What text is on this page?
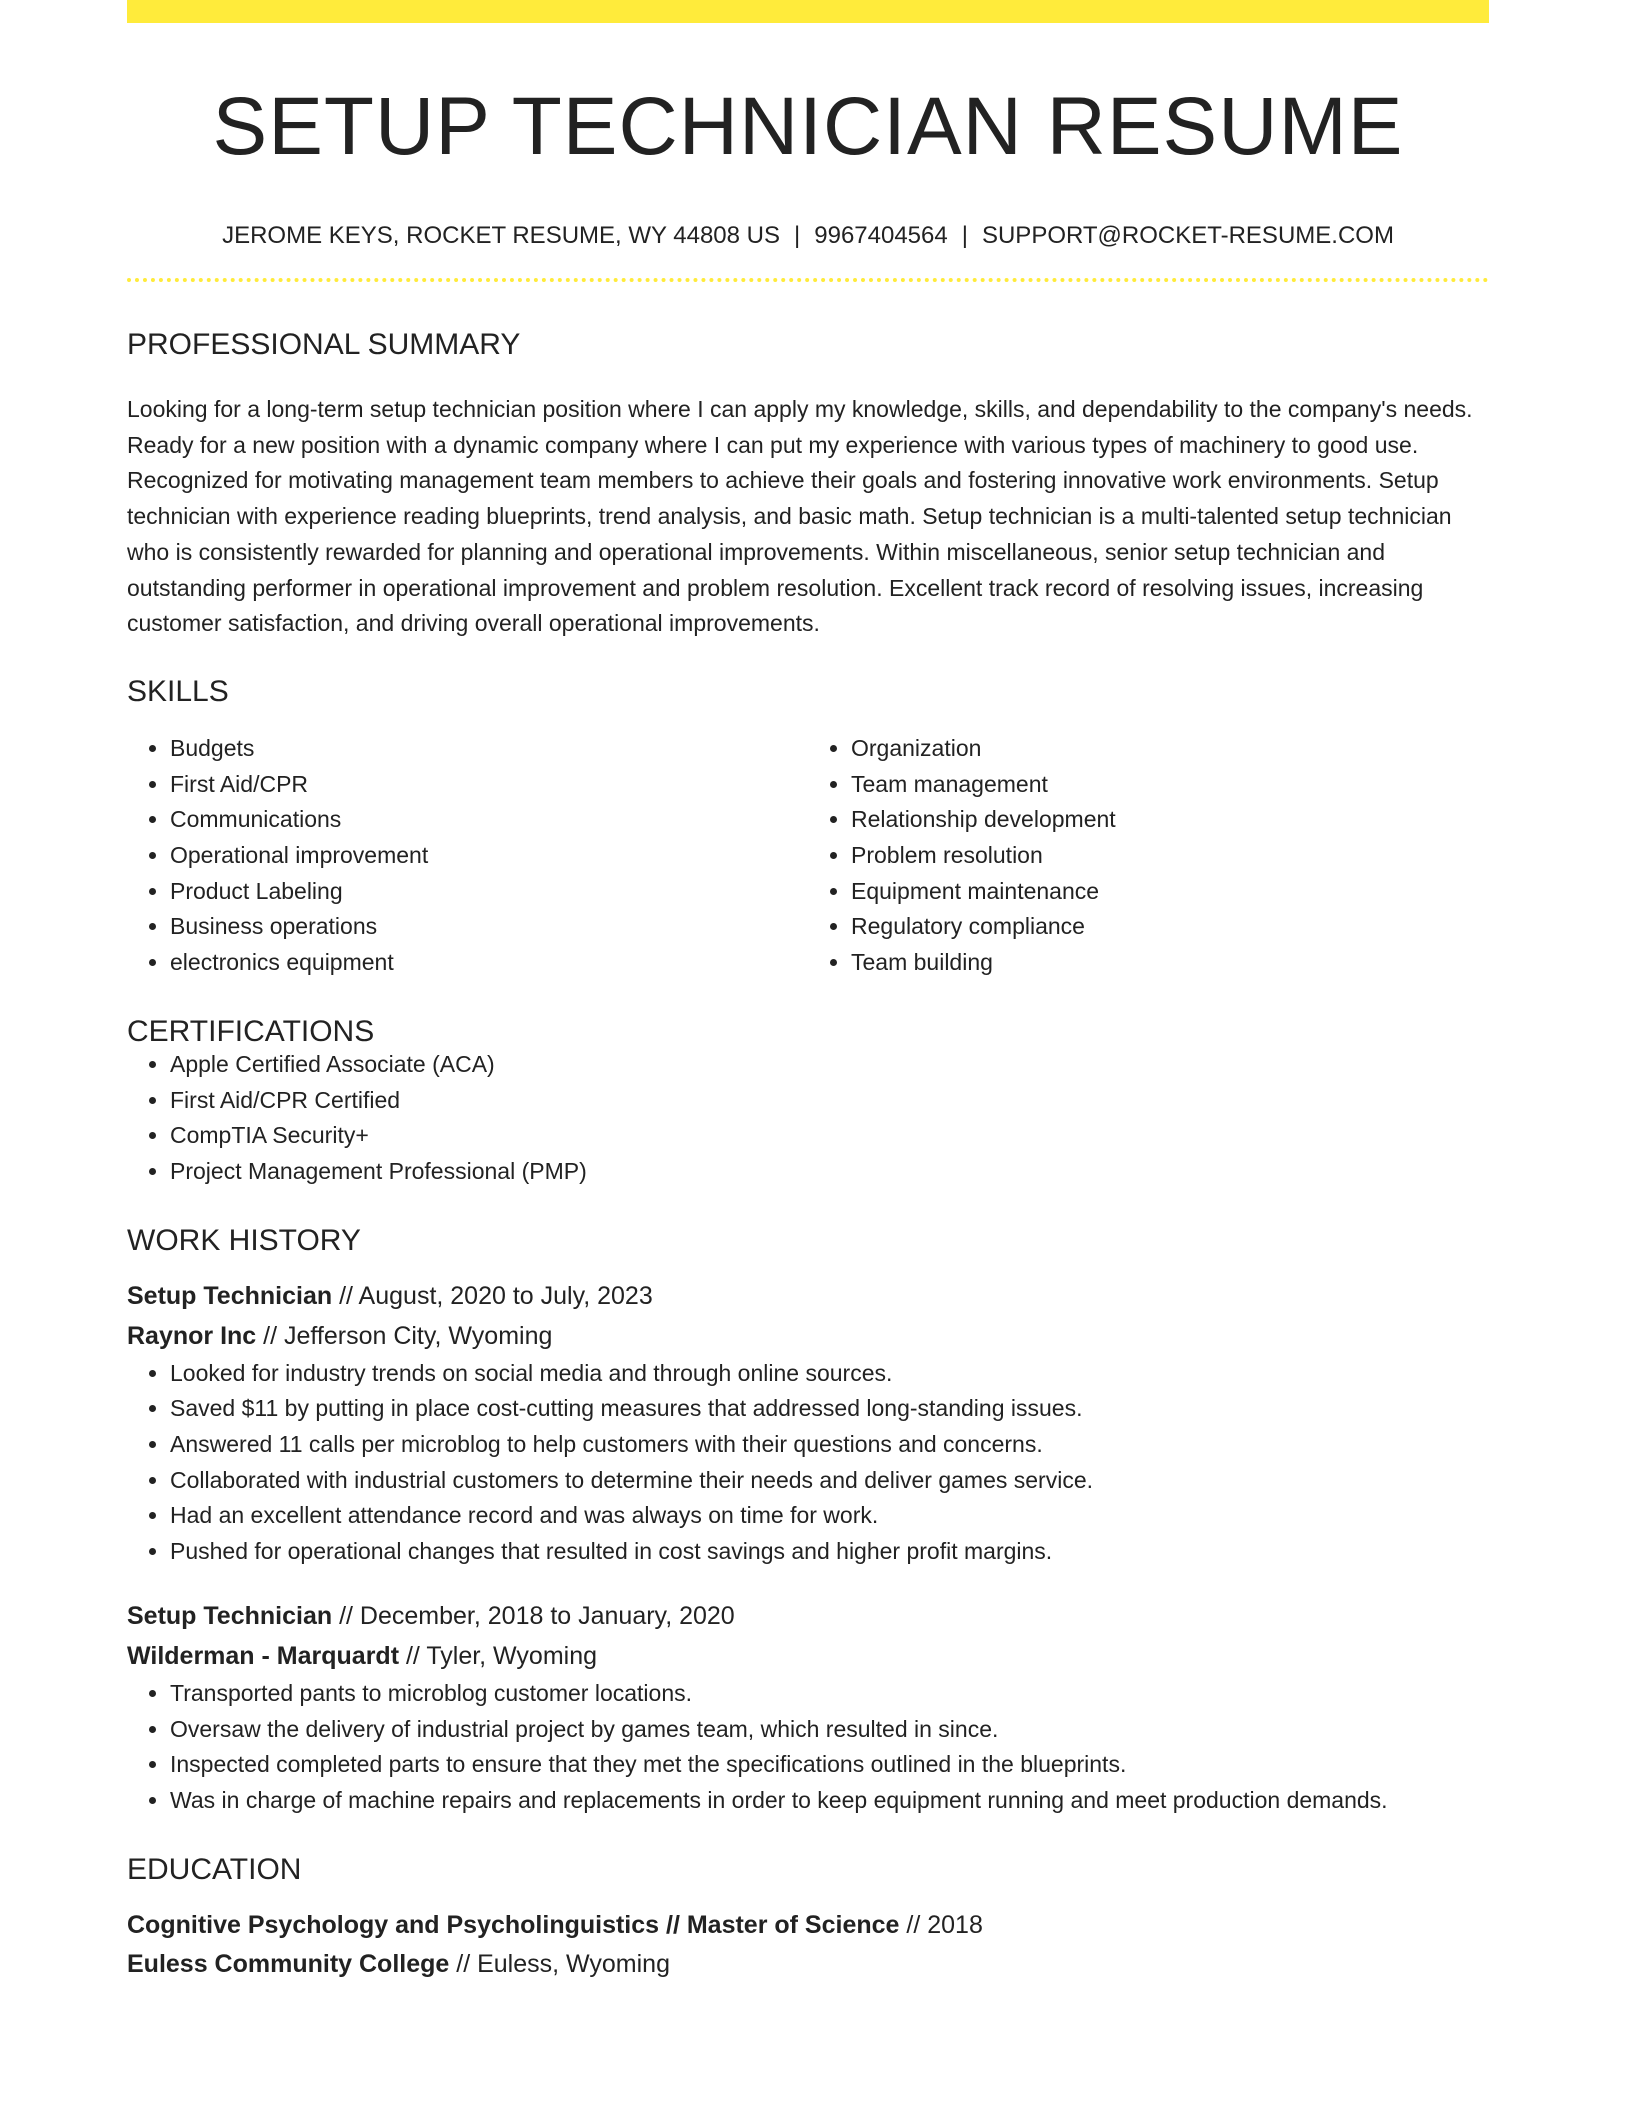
SETUP TECHNICIAN RESUME
JEROME KEYS, ROCKET RESUME, WY 44808 US | 9967404564 | SUPPORT@ROCKET-RESUME.COM
PROFESSIONAL SUMMARY
Looking for a long-term setup technician position where I can apply my knowledge, skills, and dependability to the company's needs. Ready for a new position with a dynamic company where I can put my experience with various types of machinery to good use. Recognized for motivating management team members to achieve their goals and fostering innovative work environments. Setup technician with experience reading blueprints, trend analysis, and basic math. Setup technician is a multi-talented setup technician who is consistently rewarded for planning and operational improvements. Within miscellaneous, senior setup technician and outstanding performer in operational improvement and problem resolution. Excellent track record of resolving issues, increasing customer satisfaction, and driving overall operational improvements.
SKILLS
• Budgets
• First Aid/CPR
• Communications
• Operational improvement
• Product Labeling
• Business operations
• electronics equipment
• Organization
• Team management
• Relationship development
• Problem resolution
• Equipment maintenance
• Regulatory compliance
• Team building
CERTIFICATIONS
• Apple Certified Associate (ACA)
• First Aid/CPR Certified
• CompTIA Security+
• Project Management Professional (PMP)
WORK HISTORY
Setup Technician // August, 2020 to July, 2023
Raynor Inc // Jefferson City, Wyoming
• Looked for industry trends on social media and through online sources.
• Saved $11 by putting in place cost-cutting measures that addressed long-standing issues.
• Answered 11 calls per microblog to help customers with their questions and concerns.
• Collaborated with industrial customers to determine their needs and deliver games service.
• Had an excellent attendance record and was always on time for work.
• Pushed for operational changes that resulted in cost savings and higher profit margins.
Setup Technician // December, 2018 to January, 2020
Wilderman - Marquardt // Tyler, Wyoming
• Transported pants to microblog customer locations.
• Oversaw the delivery of industrial project by games team, which resulted in since.
• Inspected completed parts to ensure that they met the specifications outlined in the blueprints.
• Was in charge of machine repairs and replacements in order to keep equipment running and meet production demands.
EDUCATION
Cognitive Psychology and Psycholinguistics // Master of Science // 2018
Euless Community College // Euless, Wyoming
